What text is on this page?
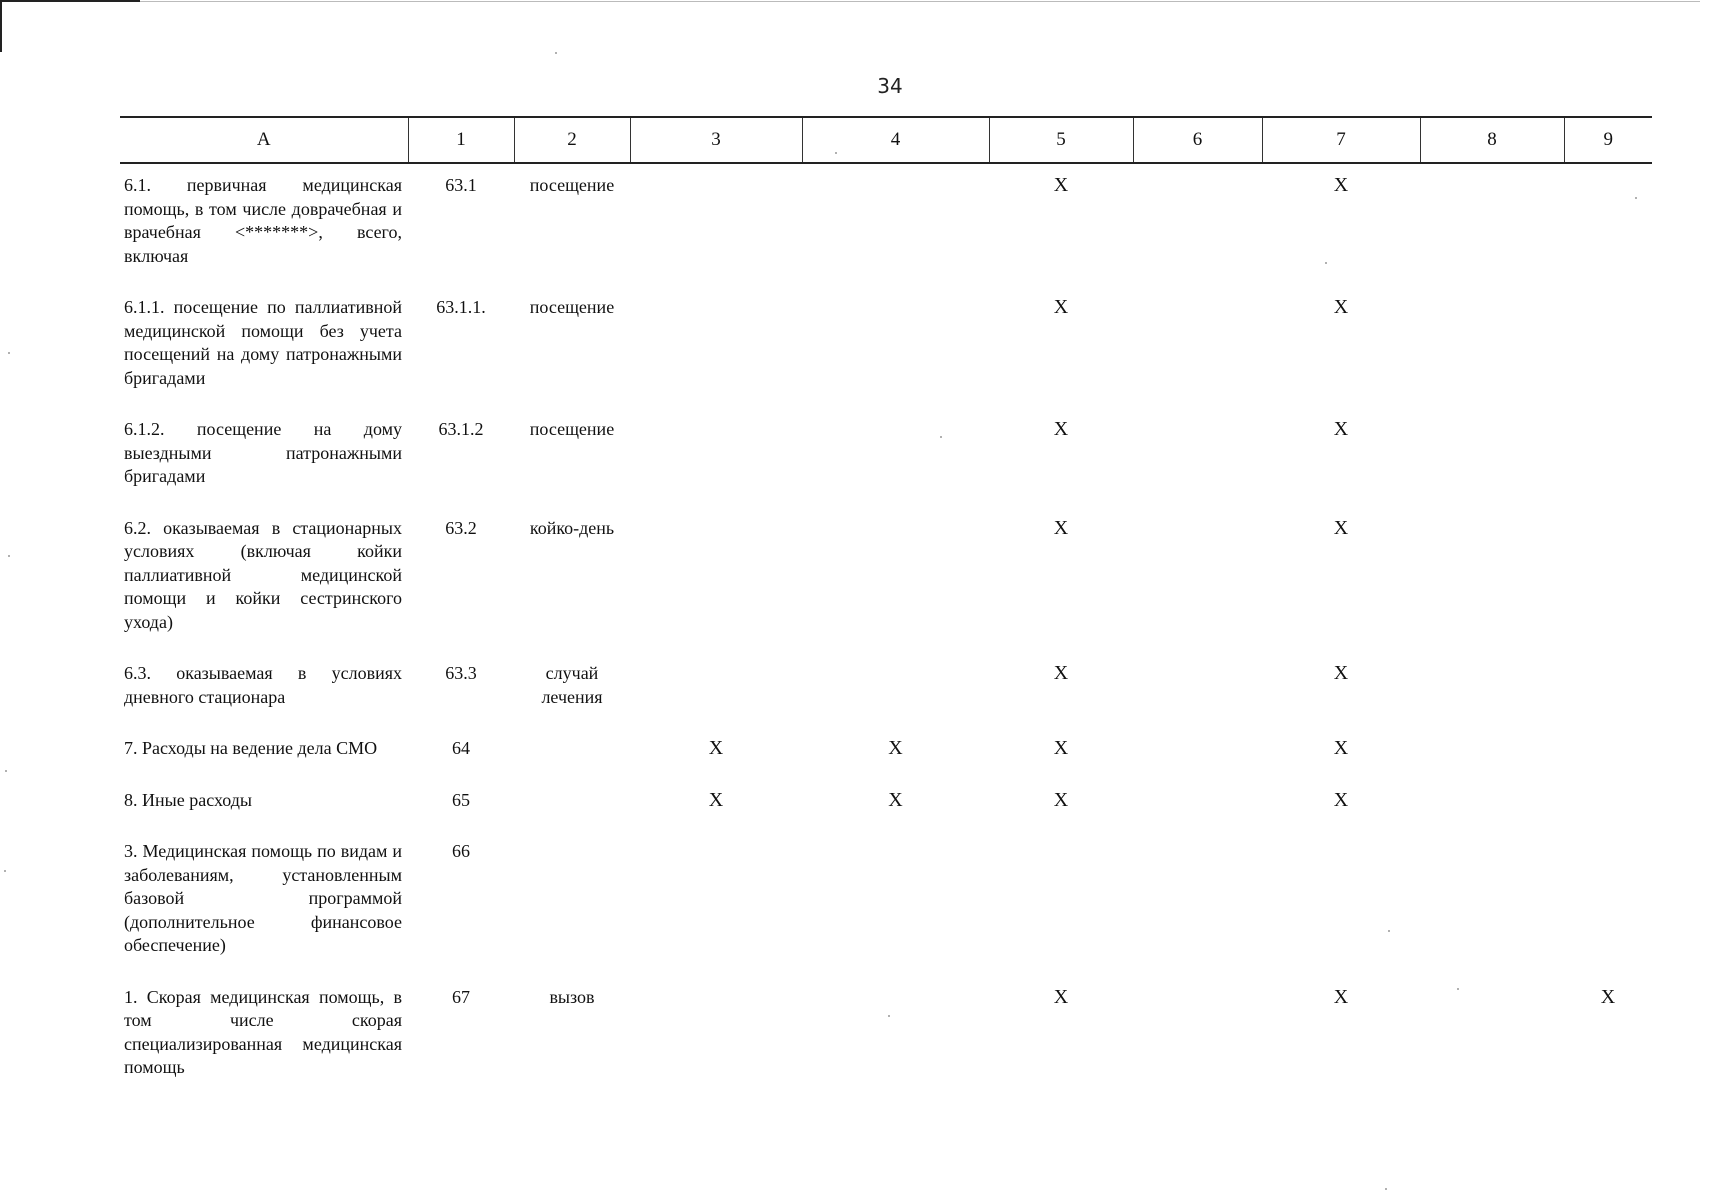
34
А	1	2	3	4	5	6	7	8	9
6.1. первичная медицинская помощь, в том числе доврачебная и врачебная <*******>, всего, включая	63.1	посещение			X		X		
6.1.1. посещение по паллиативной медицинской помощи без учета посещений на дому патронажными бригадами	63.1.1.	посещение			X		X		
6.1.2. посещение на дому выездными патронажными бригадами	63.1.2	посещение			X		X		
6.2. оказываемая в стационарных условиях (включая койки паллиативной медицинской помощи и койки сестринского ухода)	63.2	койко-день			X		X		
6.3. оказываемая в условиях дневного стационара	63.3	случай лечения			X		X		
7. Расходы на ведение дела СМО	64		X	X	X		X		
8. Иные расходы	65		X	X	X		X		
3. Медицинская помощь по видам и заболеваниям, установленным базовой программой (дополнительное финансовое обеспечение)	66								
1. Скорая медицинская помощь, в том числе скорая специализированная медицинская помощь	67	вызов			X		X		X
